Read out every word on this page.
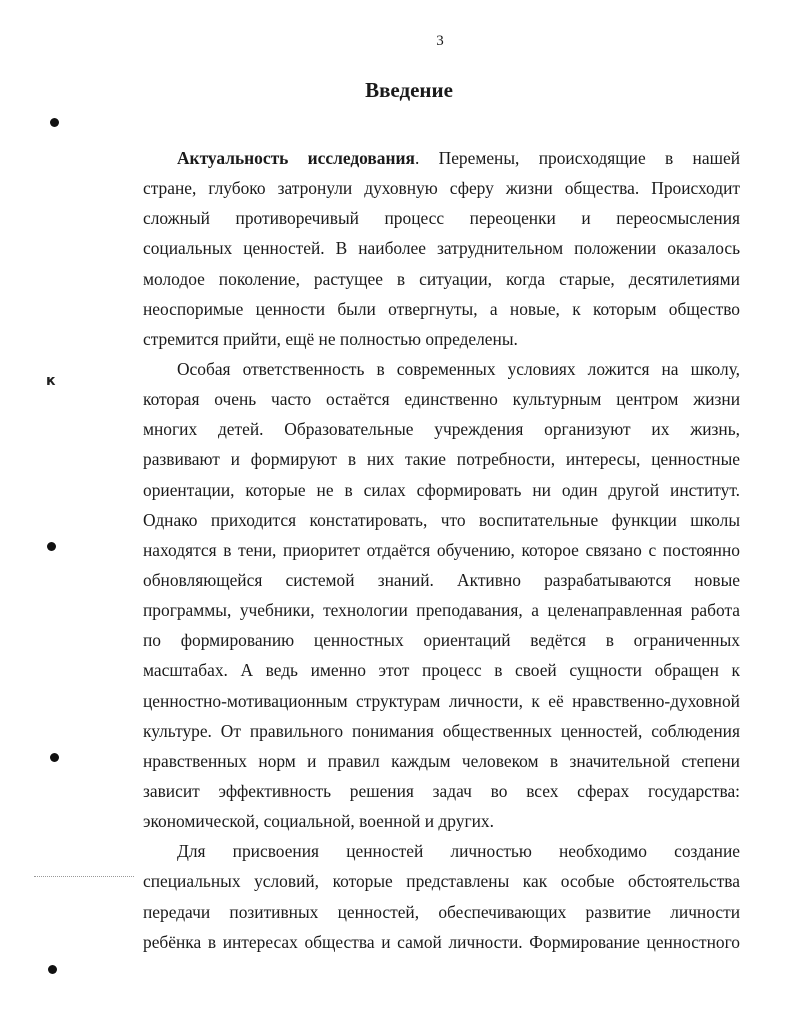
3
Введение
к
Актуальность исследования. Перемены, происходящие в нашей
стране, глубоко затронули духовную сферу жизни общества. Происходит
сложный противоречивый процесс переоценки и переосмысления
социальных ценностей. В наиболее затруднительном положении оказалось
молодое поколение, растущее в ситуации, когда старые, десятилетиями
неоспоримые ценности были отвергнуты, а новые, к которым общество
стремится прийти, ещё не полностью определены.
Особая ответственность в современных условиях ложится на школу,
которая очень часто остаётся единственно культурным центром жизни
многих детей. Образовательные учреждения организуют их жизнь,
развивают и формируют в них такие потребности, интересы, ценностные
ориентации, которые не в силах сформировать ни один другой институт.
Однако приходится констатировать, что воспитательные функции школы
находятся в тени, приоритет отдаётся обучению, которое связано с постоянно
обновляющейся системой знаний. Активно разрабатываются новые
программы, учебники, технологии преподавания, а целенаправленная работа
по формированию ценностных ориентаций ведётся в ограниченных
масштабах. А ведь именно этот процесс в своей сущности обращен к
ценностно-мотивационным структурам личности, к её нравственно-духовной
культуре. От правильного понимания общественных ценностей, соблюдения
нравственных норм и правил каждым человеком в значительной степени
зависит эффективность решения задач во всех сферах государства:
экономической, социальной, военной и других.
Для присвоения ценностей личностью необходимо создание
специальных условий, которые представлены как особые обстоятельства
передачи позитивных ценностей, обеспечивающих развитие личности
ребёнка в интересах общества и самой личности. Формирование ценностного
